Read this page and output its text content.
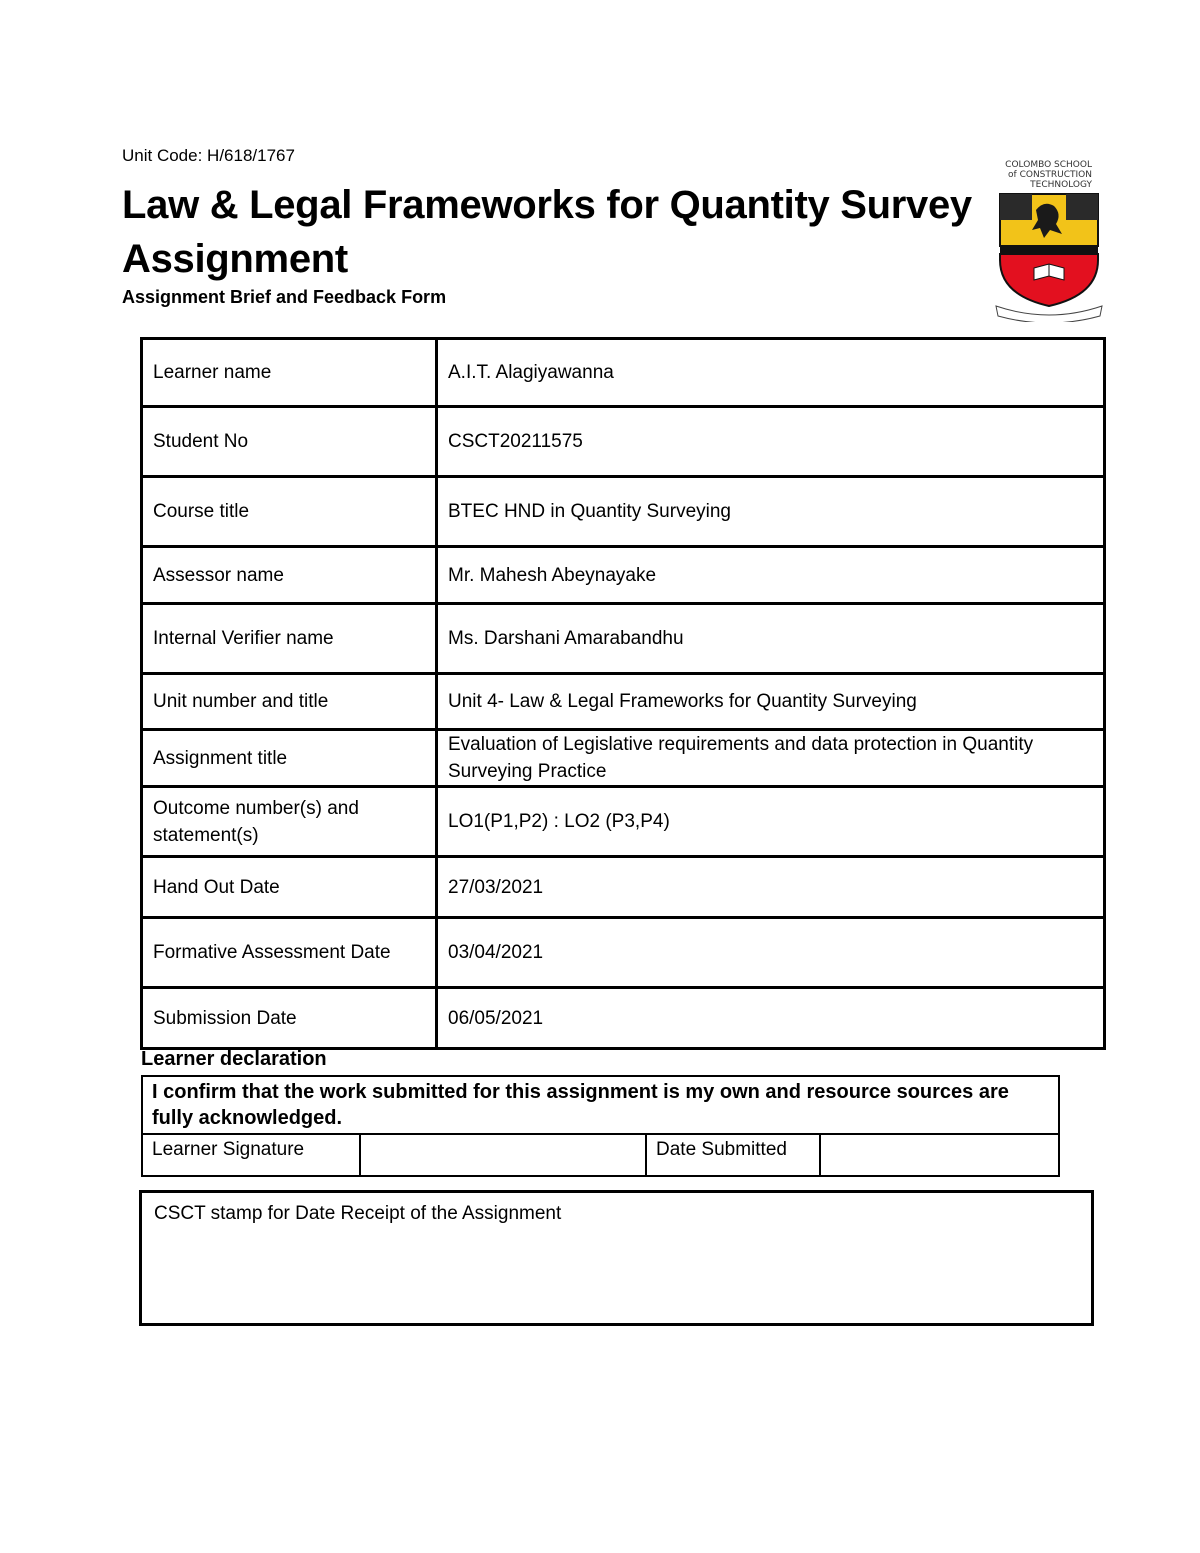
Unit Code: H/618/1767
Law & Legal Frameworks for Quantity Survey
Assignment
Assignment Brief and Feedback Form
COLOMBO SCHOOL
of CONSTRUCTION
TECHNOLOGY
Learner name	A.I.T. Alagiyawanna
Student No	CSCT20211575
Course title	BTEC HND in Quantity Surveying
Assessor name	Mr. Mahesh Abeynayake
Internal Verifier name	Ms. Darshani Amarabandhu
Unit number and title	Unit 4- Law & Legal Frameworks for Quantity Surveying
Assignment title	Evaluation of Legislative requirements and data protection in Quantity Surveying Practice
Outcome number(s) and statement(s)	LO1(P1,P2) : LO2 (P3,P4)
Hand Out Date	27/03/2021
Formative Assessment Date	03/04/2021
Submission Date	06/05/2021
Learner declaration
I confirm that the work submitted for this assignment is my own and resource sources are fully acknowledged.
Learner Signature		Date Submitted	
CSCT stamp for Date Receipt of the Assignment
